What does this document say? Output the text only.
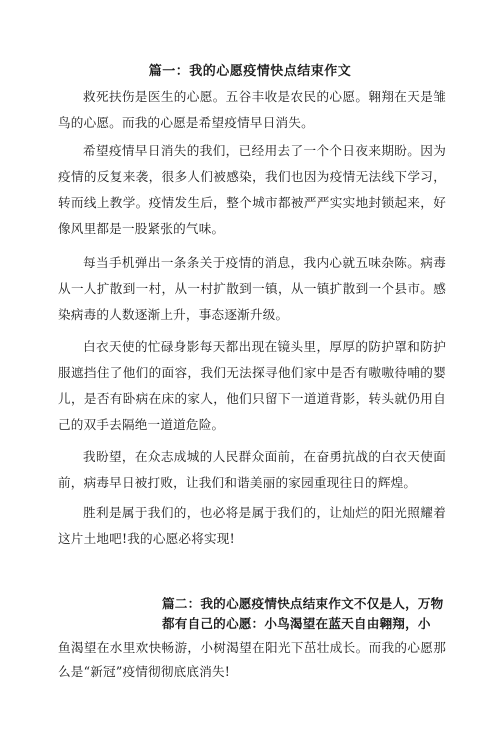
篇一：我的心愿疫情快点结束作文
救死扶伤是医生的心愿。五谷丰收是农民的心愿。翱翔在天是雏 鸟的心愿。而我的心愿是希望疫情早日消失。
希望疫情早日消失的我们，已经用去了一个个日夜来期盼。因为 疫情的反复来袭，很多人们被感染，我们也因为疫情无法线下学习， 转而线上教学。疫情发生后，整个城市都被严严实实地封锁起来，好 像风里都是一股紧张的气味。
每当手机弹出一条条关于疫情的消息，我内心就五味杂陈。病毒 从一人扩散到一村，从一村扩散到一镇，从一镇扩散到一个县市。感 染病毒的人数逐渐上升，事态逐渐升级。
白衣天使的忙碌身影每天都出现在镜头里，厚厚的防护罩和防护 服遮挡住了他们的面容，我们无法探寻他们家中是否有嗷嗷待哺的婴 儿，是否有卧病在床的家人，他们只留下一道道背影，转头就仍用自 己的双手去隔绝一道道危险。
我盼望，在众志成城的人民群众面前，在奋勇抗战的白衣天使面 前，病毒早日被打败，让我们和谐美丽的家园重现往日的辉煌。
胜利是属于我们的，也必将是属于我们的，让灿烂的阳光照耀着 这片土地吧!我的心愿必将实现!
篇二：我的心愿疫情快点结束作文不仅是人，万物都有自己的心愿：小鸟渴望在蓝天自由翱翔，小
鱼渴望在水里欢快畅游，小树渴望在阳光下茁壮成长。而我的心愿那么是“新冠”疫情彻彻底底消失!
